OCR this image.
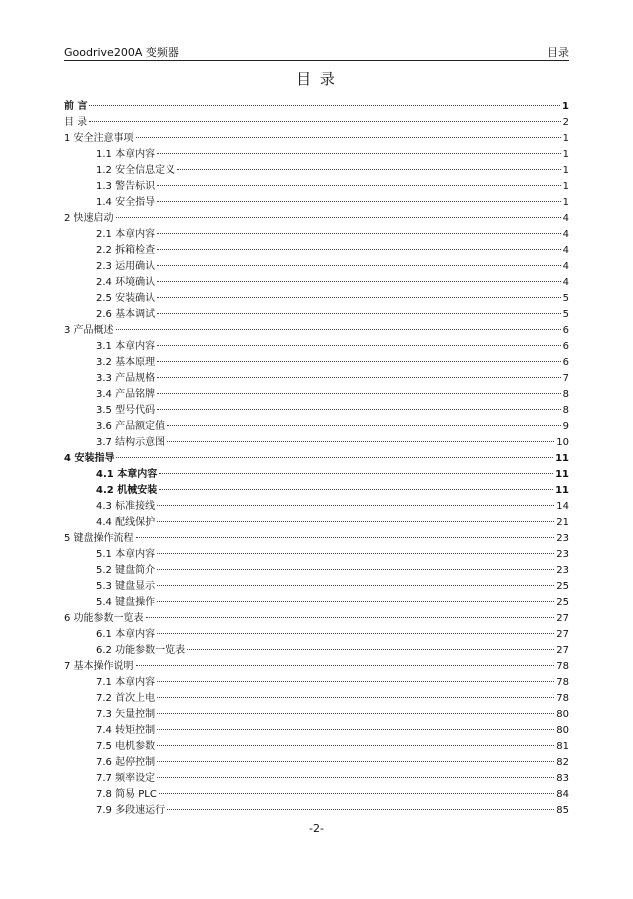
Goodrive200A 变频器	目录
目 录
前 言	1
目 录	2
1 安全注意事项	1
1.1 本章内容	1
1.2 安全信息定义	1
1.3 警告标识	1
1.4 安全指导	1
2 快速启动	4
2.1 本章内容	4
2.2 拆箱检查	4
2.3 运用确认	4
2.4 环境确认	4
2.5 安装确认	5
2.6 基本调试	5
3 产品概述	6
3.1 本章内容	6
3.2 基本原理	6
3.3 产品规格	7
3.4 产品铭牌	8
3.5 型号代码	8
3.6 产品额定值	9
3.7 结构示意图	10
4 安装指导	11
4.1 本章内容	11
4.2 机械安装	11
4.3 标准接线	14
4.4 配线保护	21
5 键盘操作流程	23
5.1 本章内容	23
5.2 键盘简介	23
5.3 键盘显示	25
5.4 键盘操作	25
6 功能参数一览表	27
6.1 本章内容	27
6.2 功能参数一览表	27
7 基本操作说明	78
7.1 本章内容	78
7.2 首次上电	78
7.3 矢量控制	80
7.4 转矩控制	80
7.5 电机参数	81
7.6 起停控制	82
7.7 频率设定	83
7.8 简易 PLC	84
7.9 多段速运行	85
-2-
